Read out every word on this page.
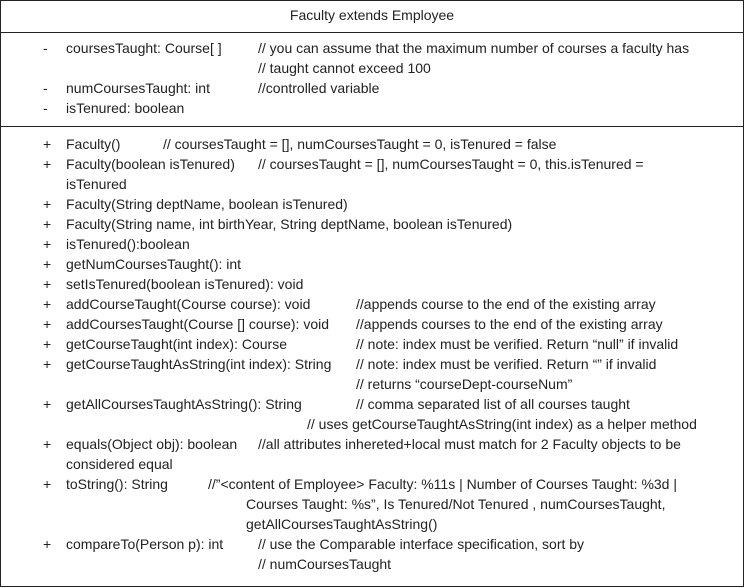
Faculty extends Employee
-	coursesTaught: Course[ ]	// you can assume that the maximum number of courses a faculty has
// taught cannot exceed 100
-	numCoursesTaught: int	//controlled variable
-	isTenured: boolean
+ Faculty()	// coursesTaught = [], numCoursesTaught = 0, isTenured = false
+ Faculty(boolean isTenured) // coursesTaught = [], numCoursesTaught = 0, this.isTenured =
isTenured
+ Faculty(String deptName, boolean isTenured)
+ Faculty(String name, int birthYear, String deptName, boolean isTenured)
+ isTenured():boolean
+ getNumCoursesTaught(): int
+ setIsTenured(boolean isTenured): void
+ addCourseTaught(Course course): void	//appends course to the end of the existing array
+ addCoursesTaught(Course [] course): void //appends courses to the end of the existing array
+ getCourseTaught(int index): Course	// note: index must be verified. Return “null” if invalid
+ getCourseTaughtAsString(int index): String // note: index must be verified. Return “” if invalid
// returns “courseDept-courseNum”
+ getAllCoursesTaughtAsString(): String	// comma separated list of all courses taught
// uses getCourseTaughtAsString(int index) as a helper method
+ equals(Object obj): boolean //all attributes inhereted+local must match for 2 Faculty objects to be
considered equal
+ toString(): String	//”<content of Employee> Faculty: %11s | Number of Courses Taught: %3d |
Courses Taught: %s”, Is Tenured/Not Tenured , numCoursesTaught,
getAllCoursesTaughtAsString()
+ compareTo(Person p): int // use the Comparable interface specification, sort by
// numCoursesTaught
